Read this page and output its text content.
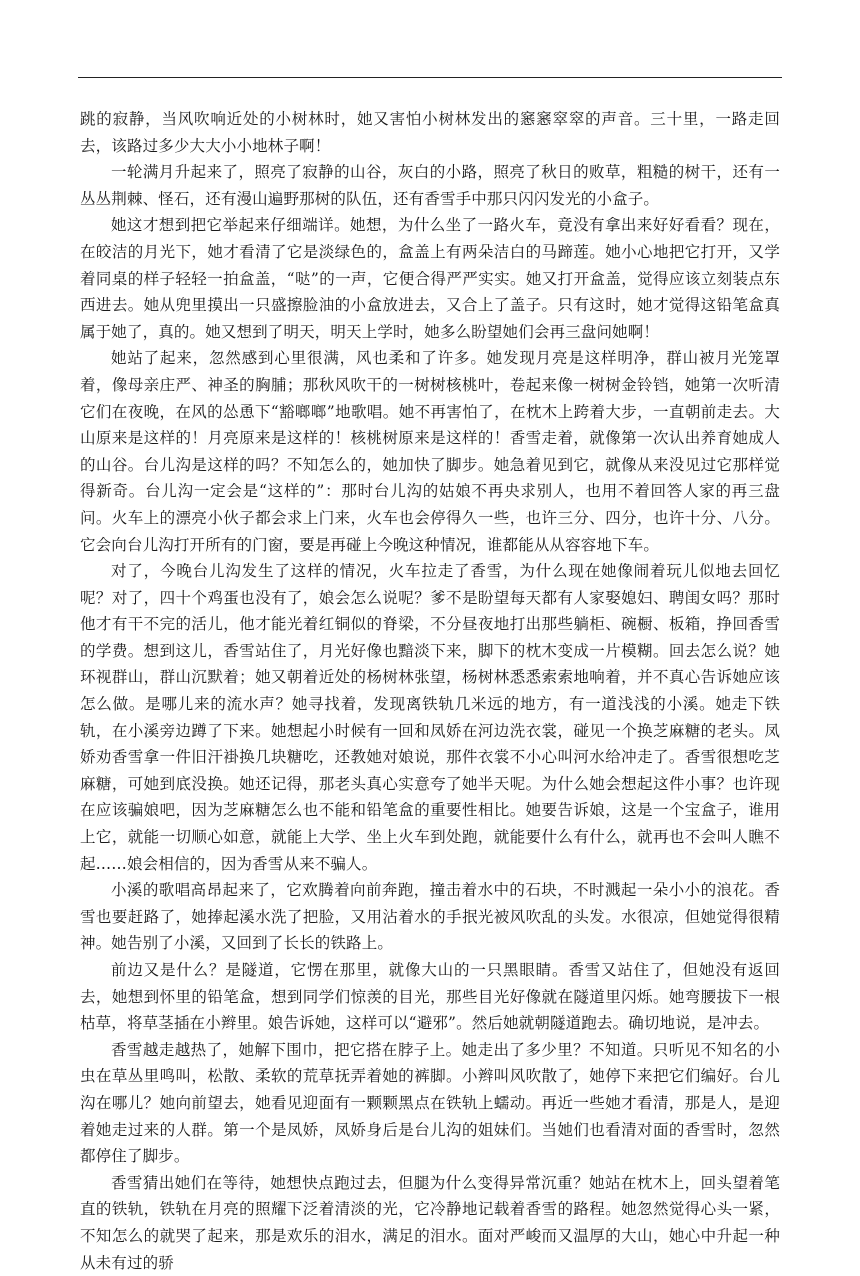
跳的寂静，当风吹响近处的小树林时，她又害怕小树林发出的窸窸窣窣的声音。三十里，一路走回去，该路过多少大大小小地林子啊！

一轮满月升起来了，照亮了寂静的山谷，灰白的小路，照亮了秋日的败草，粗糙的树干，还有一丛丛荆棘、怪石，还有漫山遍野那树的队伍，还有香雪手中那只闪闪发光的小盒子。

她这才想到把它举起来仔细端详。她想，为什么坐了一路火车，竟没有拿出来好好看看？现在，在皎洁的月光下，她才看清了它是淡绿色的，盒盖上有两朵洁白的马蹄莲。她小心地把它打开，又学着同桌的样子轻轻一拍盒盖，“哒”的一声，它便合得严严实实。她又打开盒盖，觉得应该立刻装点东西进去。她从兜里摸出一只盛擦脸油的小盒放进去，又合上了盖子。只有这时，她才觉得这铅笔盒真属于她了，真的。她又想到了明天，明天上学时，她多么盼望她们会再三盘问她啊！

她站了起来，忽然感到心里很满，风也柔和了许多。她发现月亮是这样明净，群山被月光笼罩着，像母亲庄严、神圣的胸脯；那秋风吹干的一树树核桃叶，卷起来像一树树金铃铛，她第一次听清它们在夜晚，在风的怂恿下“豁啷啷”地歌唱。她不再害怕了，在枕木上跨着大步，一直朝前走去。大山原来是这样的！月亮原来是这样的！核桃树原来是这样的！香雪走着，就像第一次认出养育她成人的山谷。台儿沟是这样的吗？不知怎么的，她加快了脚步。她急着见到它，就像从来没见过它那样觉得新奇。台儿沟一定会是“这样的”：那时台儿沟的姑娘不再央求别人，也用不着回答人家的再三盘问。火车上的漂亮小伙子都会求上门来，火车也会停得久一些，也许三分、四分，也许十分、八分。它会向台儿沟打开所有的门窗，要是再碰上今晚这种情况，谁都能从从容容地下车。

对了，今晚台儿沟发生了这样的情况，火车拉走了香雪，为什么现在她像闹着玩儿似地去回忆呢？对了，四十个鸡蛋也没有了，娘会怎么说呢？爹不是盼望每天都有人家娶媳妇、聘闺女吗？那时他才有干不完的活儿，他才能光着红铜似的脊梁，不分昼夜地打出那些躺柜、碗橱、板箱，挣回香雪的学费。想到这儿，香雪站住了，月光好像也黯淡下来，脚下的枕木变成一片模糊。回去怎么说？她环视群山，群山沉默着；她又朝着近处的杨树林张望，杨树林悉悉索索地响着，并不真心告诉她应该怎么做。是哪儿来的流水声？她寻找着，发现离铁轨几米远的地方，有一道浅浅的小溪。她走下铁轨，在小溪旁边蹲了下来。她想起小时候有一回和凤娇在河边洗衣裳，碰见一个换芝麻糖的老头。凤娇劝香雪拿一件旧汗褂换几块糖吃，还教她对娘说，那件衣裳不小心叫河水给冲走了。香雪很想吃芝麻糖，可她到底没换。她还记得，那老头真心实意夸了她半天呢。为什么她会想起这件小事？也许现在应该骗娘吧，因为芝麻糖怎么也不能和铅笔盒的重要性相比。她要告诉娘，这是一个宝盒子，谁用上它，就能一切顺心如意，就能上大学、坐上火车到处跑，就能要什么有什么，就再也不会叫人瞧不起……娘会相信的，因为香雪从来不骗人。

小溪的歌唱高昂起来了，它欢腾着向前奔跑，撞击着水中的石块，不时溅起一朵小小的浪花。香雪也要赶路了，她捧起溪水洗了把脸，又用沾着水的手抿光被风吹乱的头发。水很凉，但她觉得很精神。她告别了小溪，又回到了长长的铁路上。

前边又是什么？是隧道，它愣在那里，就像大山的一只黑眼睛。香雪又站住了，但她没有返回去，她想到怀里的铅笔盒，想到同学们惊羡的目光，那些目光好像就在隧道里闪烁。她弯腰拔下一根枯草，将草茎插在小辫里。娘告诉她，这样可以“避邪”。然后她就朝隧道跑去。确切地说，是冲去。

香雪越走越热了，她解下围巾，把它搭在脖子上。她走出了多少里？不知道。只听见不知名的小虫在草丛里鸣叫，松散、柔软的荒草抚弄着她的裤脚。小辫叫风吹散了，她停下来把它们编好。台儿沟在哪儿？她向前望去，她看见迎面有一颗颗黑点在铁轨上蠕动。再近一些她才看清，那是人，是迎着她走过来的人群。第一个是凤娇，凤娇身后是台儿沟的姐妹们。当她们也看清对面的香雪时，忽然都停住了脚步。

香雪猜出她们在等待，她想快点跑过去，但腿为什么变得异常沉重？她站在枕木上，回头望着笔直的铁轨，铁轨在月亮的照耀下泛着清淡的光，它冷静地记载着香雪的路程。她忽然觉得心头一紧，不知怎么的就哭了起来，那是欢乐的泪水，满足的泪水。面对严峻而又温厚的大山，她心中升起一种从未有过的骄
